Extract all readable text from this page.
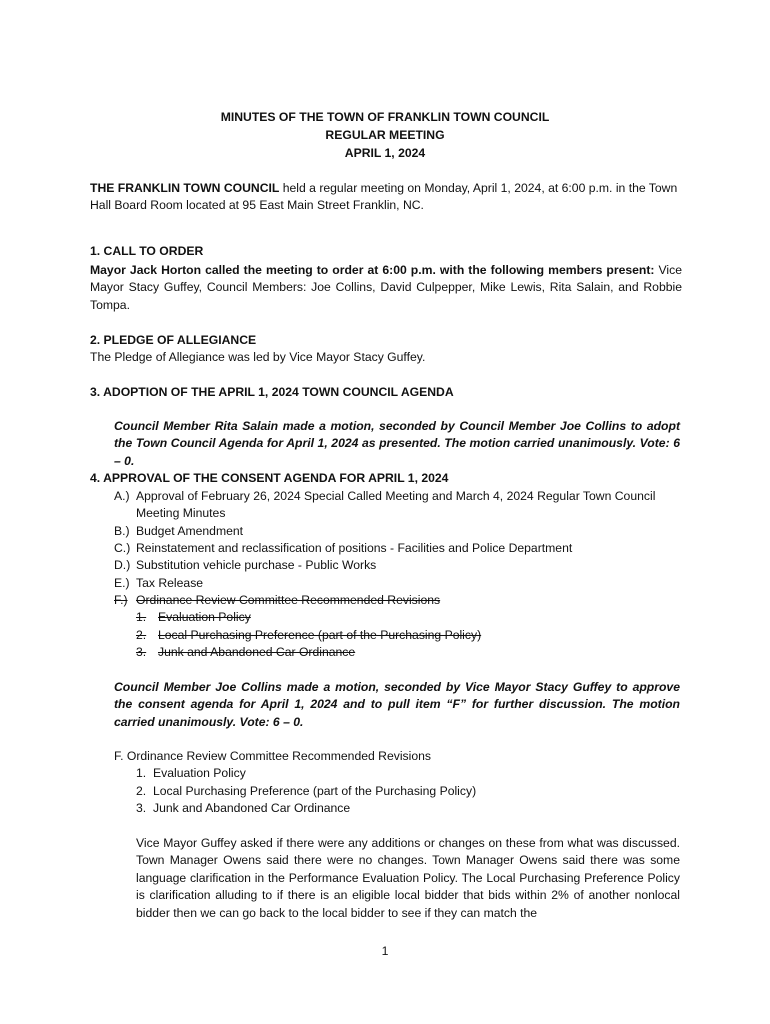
MINUTES OF THE TOWN OF FRANKLIN TOWN COUNCIL
REGULAR MEETING
APRIL 1, 2024
THE FRANKLIN TOWN COUNCIL held a regular meeting on Monday, April 1, 2024, at 6:00 p.m. in the Town Hall Board Room located at 95 East Main Street Franklin, NC.
1. CALL TO ORDER
Mayor Jack Horton called the meeting to order at 6:00 p.m. with the following members present: Vice Mayor Stacy Guffey, Council Members: Joe Collins, David Culpepper, Mike Lewis, Rita Salain, and Robbie Tompa.
2. PLEDGE OF ALLEGIANCE
The Pledge of Allegiance was led by Vice Mayor Stacy Guffey.
3. ADOPTION OF THE APRIL 1, 2024 TOWN COUNCIL AGENDA
Council Member Rita Salain made a motion, seconded by Council Member Joe Collins to adopt the Town Council Agenda for April 1, 2024 as presented. The motion carried unanimously. Vote: 6 – 0.
4. APPROVAL OF THE CONSENT AGENDA FOR APRIL 1, 2024
A.) Approval of February 26, 2024 Special Called Meeting and March 4, 2024 Regular Town Council Meeting Minutes
B.) Budget Amendment
C.) Reinstatement and reclassification of positions - Facilities and Police Department
D.) Substitution vehicle purchase - Public Works
E.) Tax Release
F.) Ordinance Review Committee Recommended Revisions
1. Evaluation Policy
2. Local Purchasing Preference (part of the Purchasing Policy)
3. Junk and Abandoned Car Ordinance
Council Member Joe Collins made a motion, seconded by Vice Mayor Stacy Guffey to approve the consent agenda for April 1, 2024 and to pull item “F” for further discussion. The motion carried unanimously. Vote: 6 – 0.
F. Ordinance Review Committee Recommended Revisions
1. Evaluation Policy
2. Local Purchasing Preference (part of the Purchasing Policy)
3. Junk and Abandoned Car Ordinance
Vice Mayor Guffey asked if there were any additions or changes on these from what was discussed. Town Manager Owens said there were no changes. Town Manager Owens said there was some language clarification in the Performance Evaluation Policy. The Local Purchasing Preference Policy is clarification alluding to if there is an eligible local bidder that bids within 2% of another nonlocal bidder then we can go back to the local bidder to see if they can match the
1
